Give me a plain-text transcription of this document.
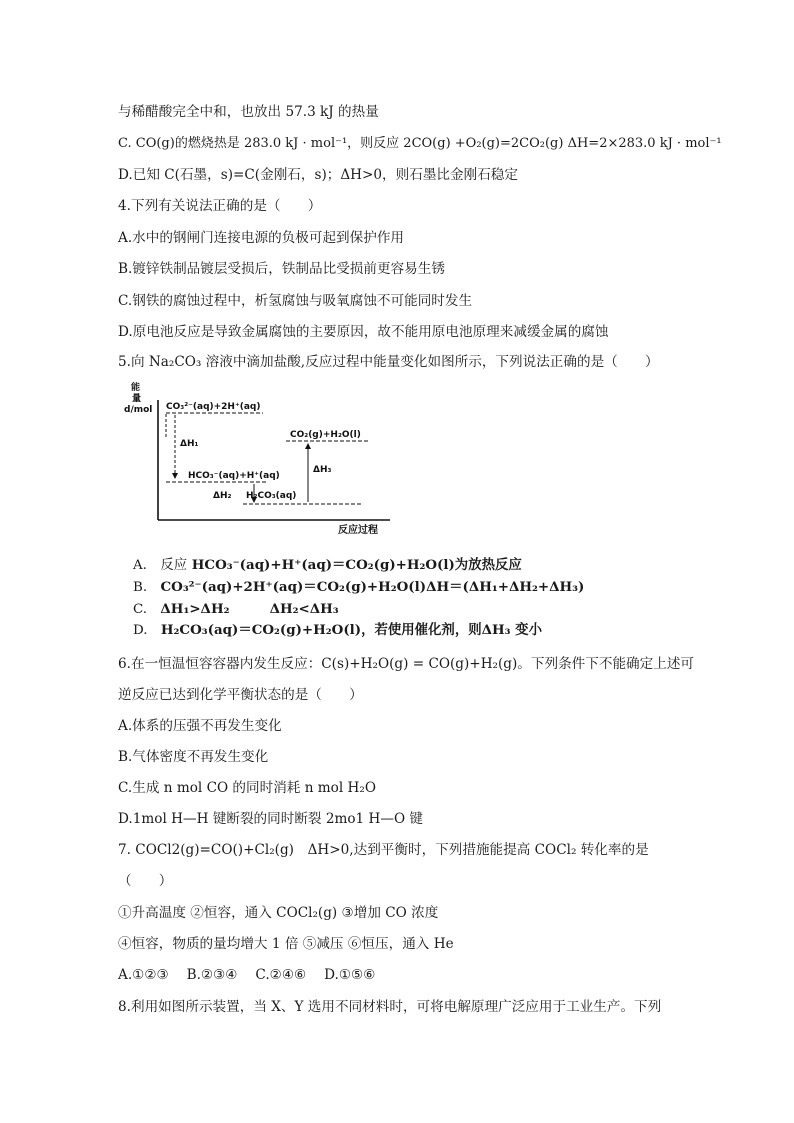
与稀醋酸完全中和，也放出 57.3 kJ 的热量
C. CO(g)的燃烧热是 283.0 kJ · mol⁻¹，则反应 2CO(g) +O₂(g)=2CO₂(g) ΔH=2×283.0 kJ · mol⁻¹
D.已知 C(石墨，s)=C(金刚石，s)；ΔH>0，则石墨比金刚石稳定
4.下列有关说法正确的是（　　）
A.水中的钢闸门连接电源的负极可起到保护作用
B.镀锌铁制品镀层受损后，铁制品比受损前更容易生锈
C.钢铁的腐蚀过程中，析氢腐蚀与吸氧腐蚀不可能同时发生
D.原电池反应是导致金属腐蚀的主要原因，故不能用原电池原理来减缓金属的腐蚀
5.向 Na₂CO₃ 溶液中滴加盐酸,反应过程中能量变化如图所示，下列说法正确的是（　　）
能
量
d/mol
反应过程
CO₃²⁻(aq)+2H⁺(aq)
ΔH₁
HCO₃⁻(aq)+H⁺(aq)
ΔH₂ H₂CO₃(aq)
CO₂(g)+H₂O(l)
ΔH₃
A.　反应 HCO₃⁻(aq)+H⁺(aq)＝CO₂(g)+H₂O(l)为放热反应
B.　CO₃²⁻(aq)+2H⁺(aq)＝CO₂(g)+H₂O(l)ΔH＝(ΔH₁+ΔH₂+ΔH₃)
C.　ΔH₁>ΔH₂　　　ΔH₂<ΔH₃
D.　H₂CO₃(aq)＝CO₂(g)+H₂O(l)，若使用催化剂，则ΔH₃ 变小
6.在一恒温恒容容器内发生反应：C(s)+H₂O(g) = CO(g)+H₂(g)。下列条件下不能确定上述可
逆反应已达到化学平衡状态的是（　　）
A.体系的压强不再发生变化
B.气体密度不再发生变化
C.生成 n mol CO 的同时消耗 n mol H₂O
D.1mol H—H 键断裂的同时断裂 2mo1 H—O 键
7. COCl2(g)=CO()+Cl₂(g)　ΔH>0,达到平衡时，下列措施能提高 COCl₂ 转化率的是
（　　）
①升高温度 ②恒容，通入 COCl₂(g) ③增加 CO 浓度
④恒容，物质的量均增大 1 倍 ⑤减压 ⑥恒压，通入 He
A.①②③　 B.②③④　 C.②④⑥　 D.①⑤⑥
8.利用如图所示装置，当 X、Y 选用不同材料时，可将电解原理广泛应用于工业生产。下列
